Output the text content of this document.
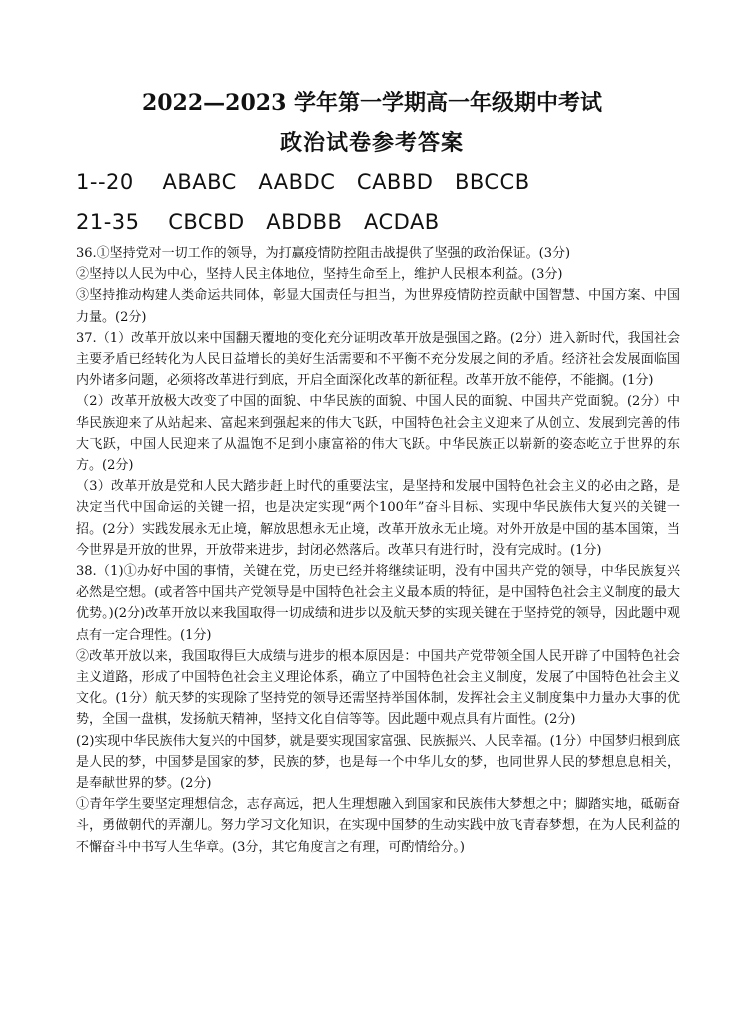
2022—2023 学年第一学期高一年级期中考试
政治试卷参考答案
1--20 ABABC   AABDC   CABBD   BBCCB
21-35 CBCBD   ABDBB   ACDAB

36.①坚持党对一切工作的领导，为打赢疫情防控阻击战提供了坚强的政治保证。(3分)

②坚持以人民为中心，坚持人民主体地位，坚持生命至上，维护人民根本利益。(3分)

③坚持推动构建人类命运共同体，彰显大国责任与担当，为世界疫情防控贡献中国智慧、中国方案、中国力量。(2分)

37.（1）改革开放以来中国翻天覆地的变化充分证明改革开放是强国之路。(2分）进入新时代，我国社会主要矛盾已经转化为人民日益增长的美好生活需要和不平衡不充分发展之间的矛盾。经济社会发展面临国内外诸多问题，必须将改革进行到底，开启全面深化改革的新征程。改革开放不能停，不能搁。(1分)

（2）改革开放极大改变了中国的面貌、中华民族的面貌、中国人民的面貌、中国共产党面貌。(2分）中华民族迎来了从站起来、富起来到强起来的伟大飞跃，中国特色社会主义迎来了从创立、发展到完善的伟大飞跃，中国人民迎来了从温饱不足到小康富裕的伟大飞跃。中华民族正以崭新的姿态屹立于世界的东方。(2分)

（3）改革开放是党和人民大踏步赶上时代的重要法宝，是坚持和发展中国特色社会主义的必由之路，是决定当代中国命运的关键一招，也是决定实现“两个100年”奋斗目标、实现中华民族伟大复兴的关键一招。(2分）实践发展永无止境，解放思想永无止境，改革开放永无止境。对外开放是中国的基本国策，当今世界是开放的世界，开放带来进步，封闭必然落后。改革只有进行时，没有完成时。(1分)

38.（1)①办好中国的事情，关键在党，历史已经并将继续证明，没有中国共产党的领导，中华民族复兴必然是空想。(或者答中国共产党领导是中国特色社会主义最本质的特征，是中国特色社会主义制度的最大优势。)(2分)改革开放以来我国取得一切成绩和进步以及航天梦的实现关键在于坚持党的领导，因此题中观点有一定合理性。(1分)

②改革开放以来，我国取得巨大成绩与进步的根本原因是：中国共产党带领全国人民开辟了中国特色社会主义道路，形成了中国特色社会主义理论体系，确立了中国特色社会主义制度，发展了中国特色社会主义文化。(1分）航天梦的实现除了坚持党的领导还需坚持举国体制，发挥社会主义制度集中力量办大事的优势，全国一盘棋，发扬航天精神，坚持文化自信等等。因此题中观点具有片面性。(2分)

(2)实现中华民族伟大复兴的中国梦，就是要实现国家富强、民族振兴、人民幸福。(1分）中国梦归根到底是人民的梦，中国梦是国家的梦，民族的梦，也是每一个中华儿女的梦，也同世界人民的梦想息息相关，是奉献世界的梦。(2分)

①青年学生要坚定理想信念，志存高远，把人生理想融入到国家和民族伟大梦想之中；脚踏实地，砥砺奋斗，勇做朝代的弄潮儿。努力学习文化知识，在实现中国梦的生动实践中放飞青春梦想，在为人民利益的不懈奋斗中书写人生华章。(3分，其它角度言之有理，可酌情给分。)
